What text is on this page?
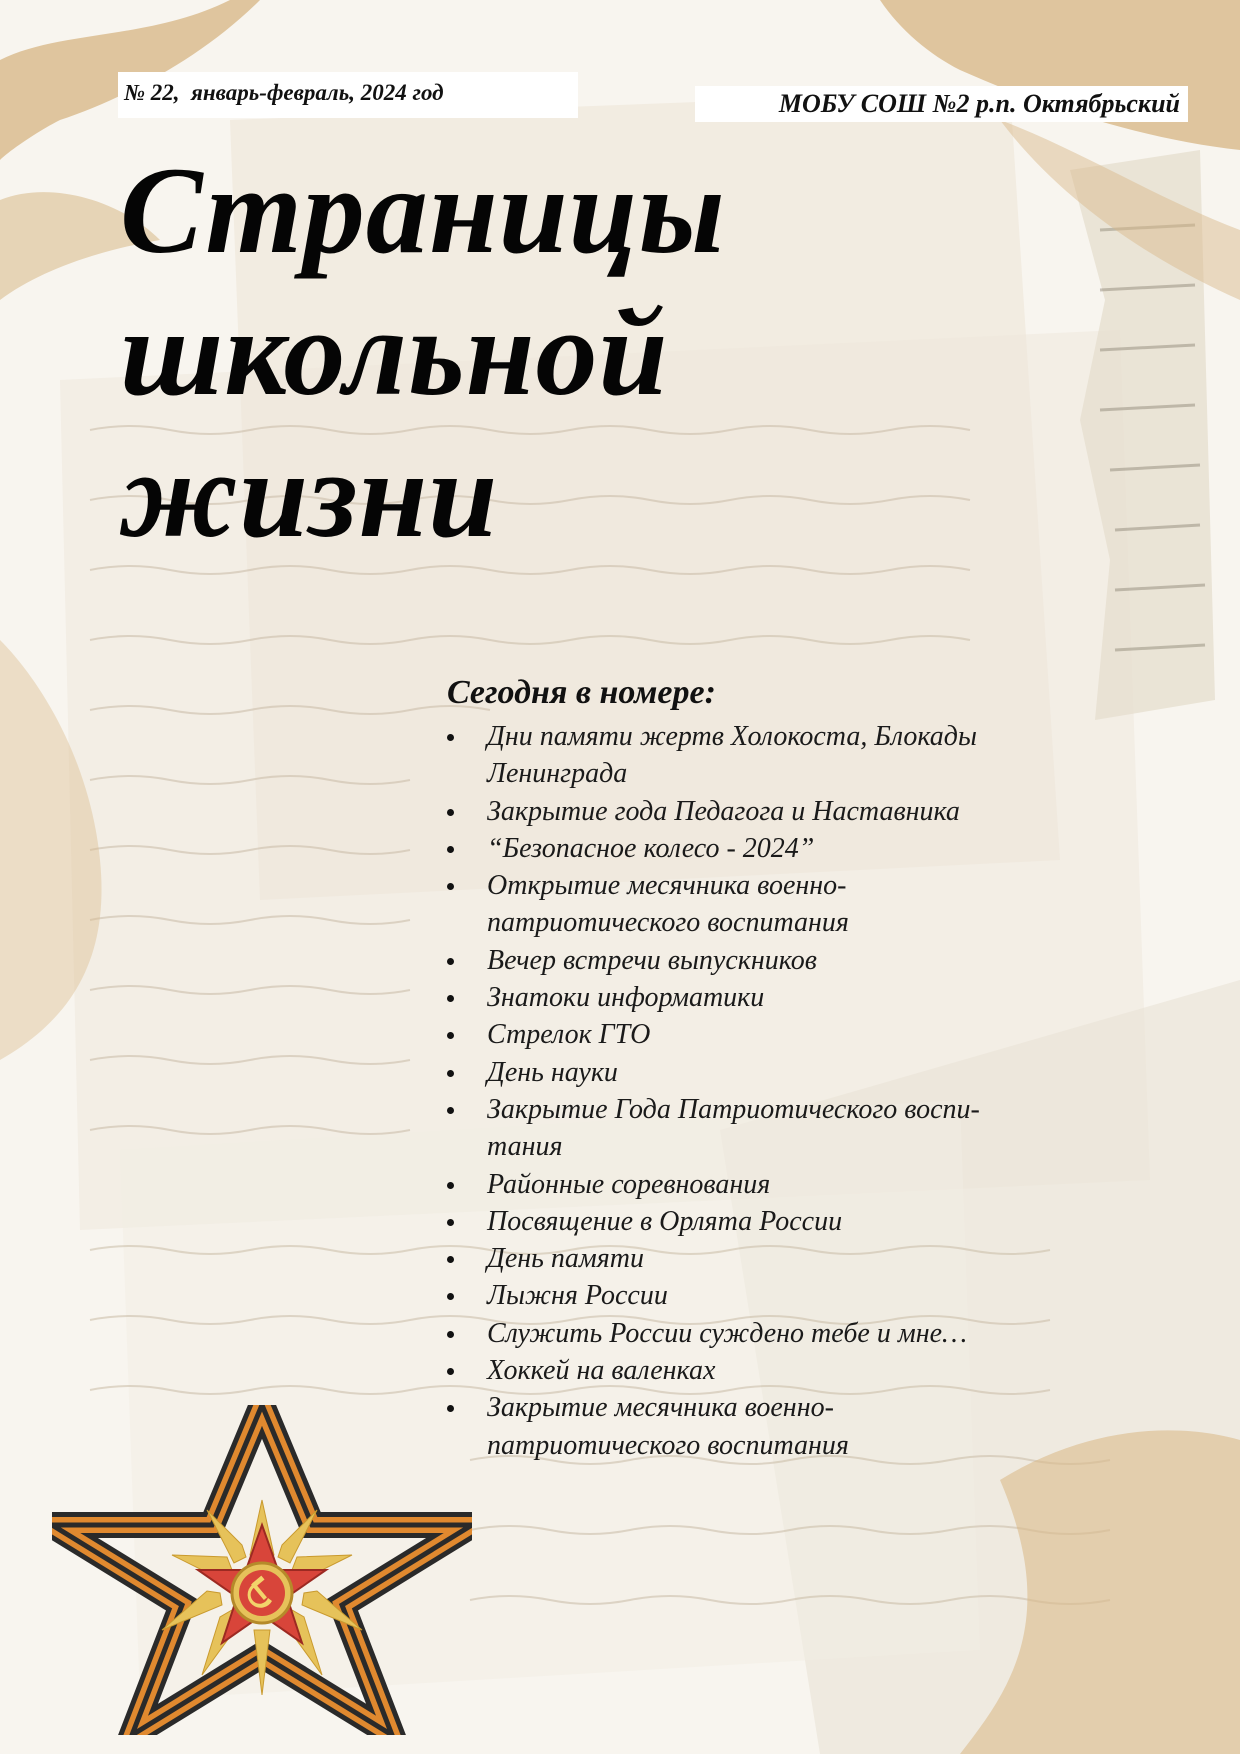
№ 22,  январь-февраль, 2024 год	МОБУ СОШ №2 р.п. Октябрьский
Страницы
школьной
жизни
Сегодня в номере:
Дни памяти жертв Холокоста, Блокады Ленинграда
Закрытие года Педагога и Наставника
“Безопасное колесо - 2024”
Открытие месячника военно-патриотического воспитания
Вечер встречи выпускников
Знатоки информатики
Стрелок ГТО
День науки
Закрытие Года Патриотического воспи-тания
Районные соревнования
Посвящение в Орлята России
День памяти
Лыжня России
Служить России суждено тебе и мне…
Хоккей на валенках
Закрытие месячника военно-патриотического воспитания
